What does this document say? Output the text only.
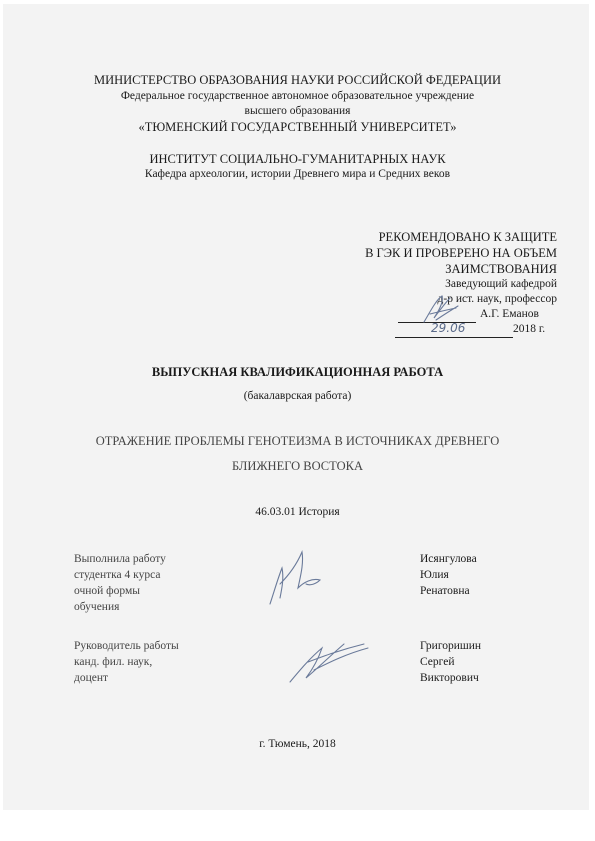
МИНИСТЕРСТВО ОБРАЗОВАНИЯ НАУКИ РОССИЙСКОЙ ФЕДЕРАЦИИ
Федеральное государственное автономное образовательное учреждение
высшего образования
«ТЮМЕНСКИЙ ГОСУДАРСТВЕННЫЙ УНИВЕРСИТЕТ»
ИНСТИТУТ СОЦИАЛЬНО-ГУМАНИТАРНЫХ НАУК
Кафедра археологии, истории Древнего мира и Средних веков
РЕКОМЕНДОВАНО К ЗАЩИТЕ
В ГЭК И ПРОВЕРЕНО НА ОБЪЕМ
ЗАИМСТВОВАНИЯ
Заведующий кафедрой
д-р ист. наук, профессор
А.Г. Еманов
2018 г.
29.06
ВЫПУСКНАЯ КВАЛИФИКАЦИОННАЯ РАБОТА
(бакалаврская работа)
ОТРАЖЕНИЕ ПРОБЛЕМЫ ГЕНОТЕИЗМА В ИСТОЧНИКАХ ДРЕВНЕГО
БЛИЖНЕГО ВОСТОКА
46.03.01 История
Выполнила работу
студентка 4 курса
очной формы
обучения
Исянгулова
Юлия
Ренатовна
Руководитель работы
канд. фил. наук,
доцент
Григоришин
Сергей
Викторович
г. Тюмень, 2018
